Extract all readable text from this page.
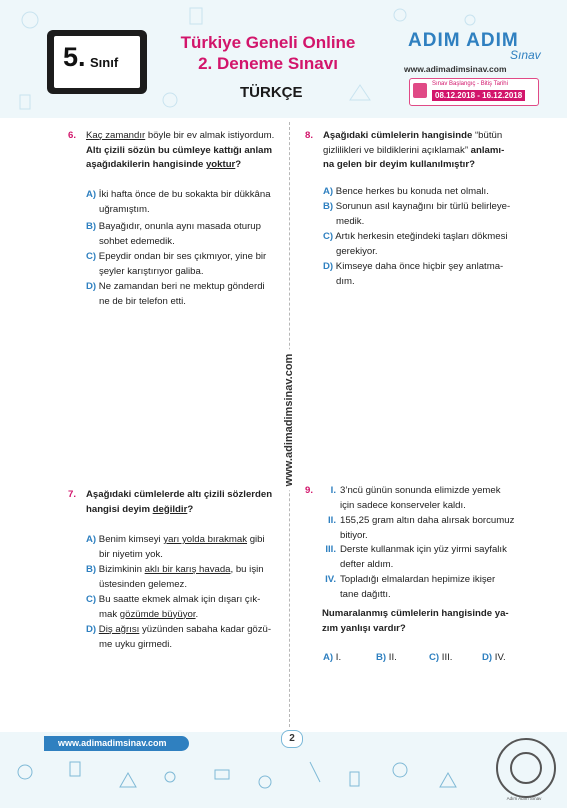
5. Sınıf
Türkiye Geneli Online
2. Deneme Sınavı
TÜRKÇE
ADIM ADIM
Sınav
www.adimadimsinav.com
Sınav Başlangıç - Bitiş Tarihi
08.12.2018 - 16.12.2018
www.adimadimsinav.com
6. Kaç zamandır böyle bir ev almak istiyordum.
Altı çizili sözün bu cümleye kattığı anlam
aşağıdakilerin hangisinde yoktur?
A) İki hafta önce de bu sokakta bir dükkâna
uğramıştım.
B) Bayağıdır, onunla aynı masada oturup
sohbet edemedik.
C) Epeydir ondan bir ses çıkmıyor, yine bir
şeyler karıştırıyor galiba.
D) Ne zamandan beri ne mektup gönderdi
ne de bir telefon etti.
7. Aşağıdaki cümlelerde altı çizili sözlerden
hangisi deyim değildir?
A) Benim kimseyi yarı yolda bırakmak gibi
bir niyetim yok.
B) Bizimkinin aklı bir karış havada, bu işin
üstesinden gelemez.
C) Bu saatte ekmek almak için dışarı çık-
mak gözümde büyüyor.
D) Diş ağrısı yüzünden sabaha kadar gözü-
me uyku girmedi.
8. Aşağıdaki cümlelerin hangisinde “bütün
gizlilikleri ve bildiklerini açıklamak” anlamı-
na gelen bir deyim kullanılmıştır?
A) Bence herkes bu konuda net olmalı.
B) Sorunun asıl kaynağını bir türlü belirleye-
medik.
C) Artık herkesin eteğindeki taşları dökmesi
gerekiyor.
D) Kimseye daha önce hiçbir şey anlatma-
dım.
9.	I. 3’ncü günün sonunda elimizde yemek
için sadece konserveler kaldı.
II. 155,25 gram altın daha alırsak borcumuz
bitiyor.
III. Derste kullanmak için yüz yirmi sayfalık
defter aldım.
IV. Topladığı elmalardan hepimize ikişer
tane dağıttı.
Numaralanmış cümlelerin hangisinde ya-
zım yanlışı vardır?
A) I.	B) II.	C) III.	D) IV.
www.adimadimsinav.com	2
Adım Adım Sınav
